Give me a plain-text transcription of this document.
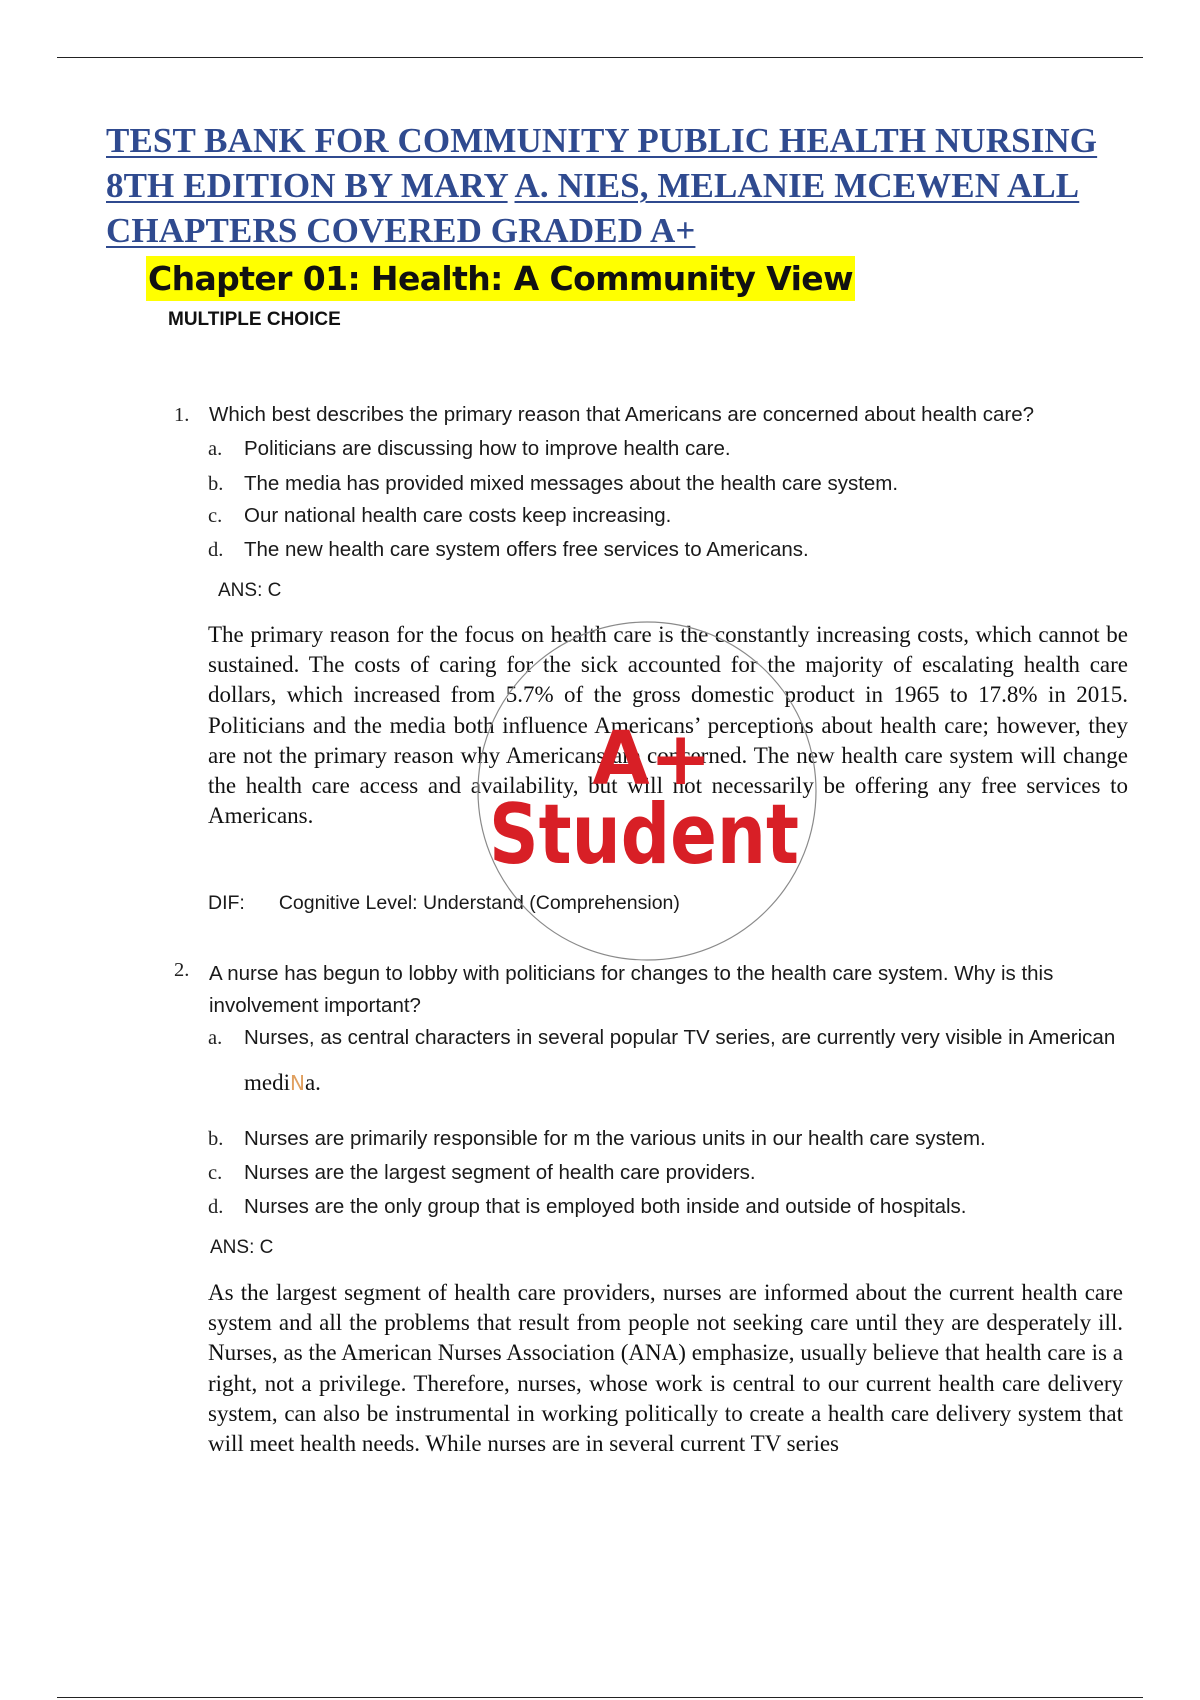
TEST BANK FOR COMMUNITY PUBLIC HEALTH NURSING
8TH EDITION BY MARY A. NIES, MELANIE MCEWEN ALL
CHAPTERS COVERED GRADED A+
Chapter 01: Health: A Community View
MULTIPLE CHOICE
1. Which best describes the primary reason that Americans are concerned about health care?
a. Politicians are discussing how to improve health care.
b. The media has provided mixed messages about the health care system.
c. Our national health care costs keep increasing.
d. The new health care system offers free services to Americans.
ANS: C
The primary reason for the focus on health care is the constantly increasing costs, which cannot be sustained. The costs of caring for the sick accounted for the majority of escalating health care dollars, which increased from 5.7% of the gross domestic product in 1965 to 17.8% in 2015. Politicians and the media both influence Americans’ perceptions about health care; however, they are not the primary reason why Americans are concerned. The new health care system will change the health care access and availability, but will not necessarily be offering any free services to Americans.
DIF: Cognitive Level: Understand (Comprehension)
2. A nurse has begun to lobby with politicians for changes to the health care system. Why is this
involvement important?
a. Nurses, as central characters in several popular TV series, are currently very visible in American
mediNa.
b. Nurses are primarily responsible for m the various units in our health care system.
c. Nurses are the largest segment of health care providers.
d. Nurses are the only group that is employed both inside and outside of hospitals.
ANS: C
As the largest segment of health care providers, nurses are informed about the current health care system and all the problems that result from people not seeking care until they are desperately ill. Nurses, as the American Nurses Association (ANA) emphasize, usually believe that health care is a right, not a privilege. Therefore, nurses, whose work is central to our current health care delivery system, can also be instrumental in working politically to create a health care delivery system that will meet health needs. While nurses are in several current TV series
A+
Student
